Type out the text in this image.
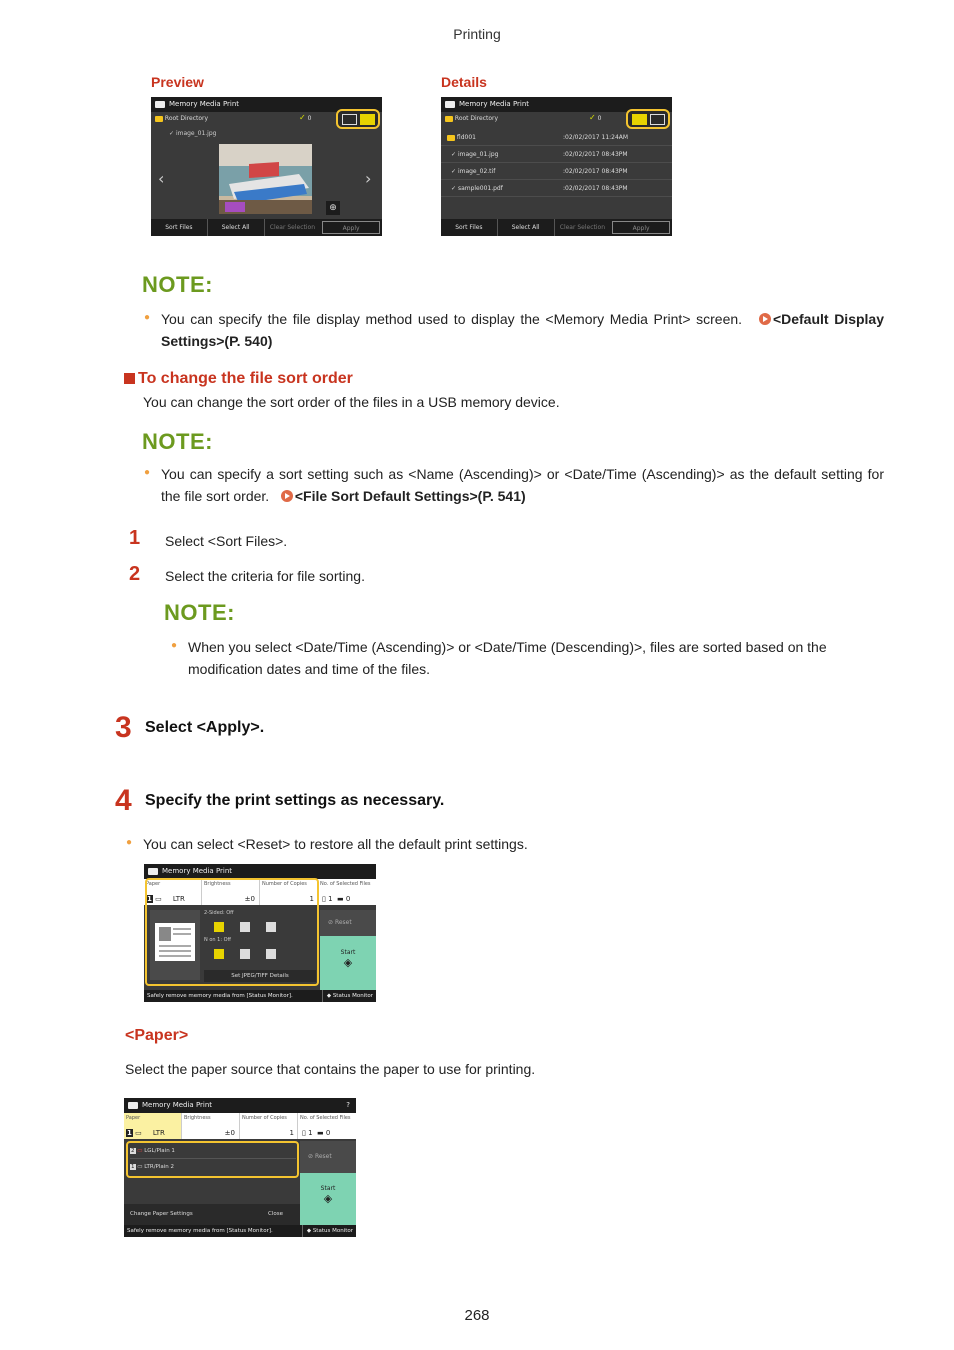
Printing
Preview
Memory Media Print
Root Directory	✓ 0
✓ image_01.jpg
‹	›
⊕
Sort Files	Select All	Clear Selection	Apply
Details
Memory Media Print
Root Directory	✓ 0
fld001	:02/02/2017 11:24AM
✓ image_01.jpg	:02/02/2017 08:43PM
✓ image_02.tif	:02/02/2017 08:43PM
✓ sample001.pdf	:02/02/2017 08:43PM
Sort Files	Select All	Clear Selection	Apply
NOTE:
● You can specify the file display method used to display the <Memory Media Print> screen. <Default Display Settings>(P. 540)
To change the file sort order
You can change the sort order of the files in a USB memory device.
NOTE:
● You can specify a sort setting such as <Name (Ascending)> or <Date/Time (Ascending)> as the default setting for the file sort order. <File Sort Default Settings>(P. 541)
1 Select <Sort Files>.
2 Select the criteria for file sorting.
NOTE:
● When you select <Date/Time (Ascending)> or <Date/Time (Descending)>, files are sorted based on the modification dates and time of the files.
3 Select <Apply>.
4 Specify the print settings as necessary.
● You can select <Reset> to restore all the default print settings.
Memory Media Print
Paper
1 ▭     LTR
Brightness
±0
Number of Copies
1
No. of Selected Files
▯ 1 ▬ 0
2-Sided: Off
N on 1: Off
Set JPEG/TIFF Details
⊘ Reset
Start
◈
Safely remove memory media from [Status Monitor].	◆ Status Monitor
<Paper>
Select the paper source that contains the paper to use for printing.
Memory Media Print	?
Paper
1 ▭     LTR
Brightness
±0
Number of Copies
1
No. of Selected Files
▯ 1 ▬ 0
2 ▭ LGL/Plain 1
1 ▭ LTR/Plain 2
Change Paper Settings	Close
⊘ Reset
Start
◈
Safely remove memory media from [Status Monitor].	◆ Status Monitor
268
